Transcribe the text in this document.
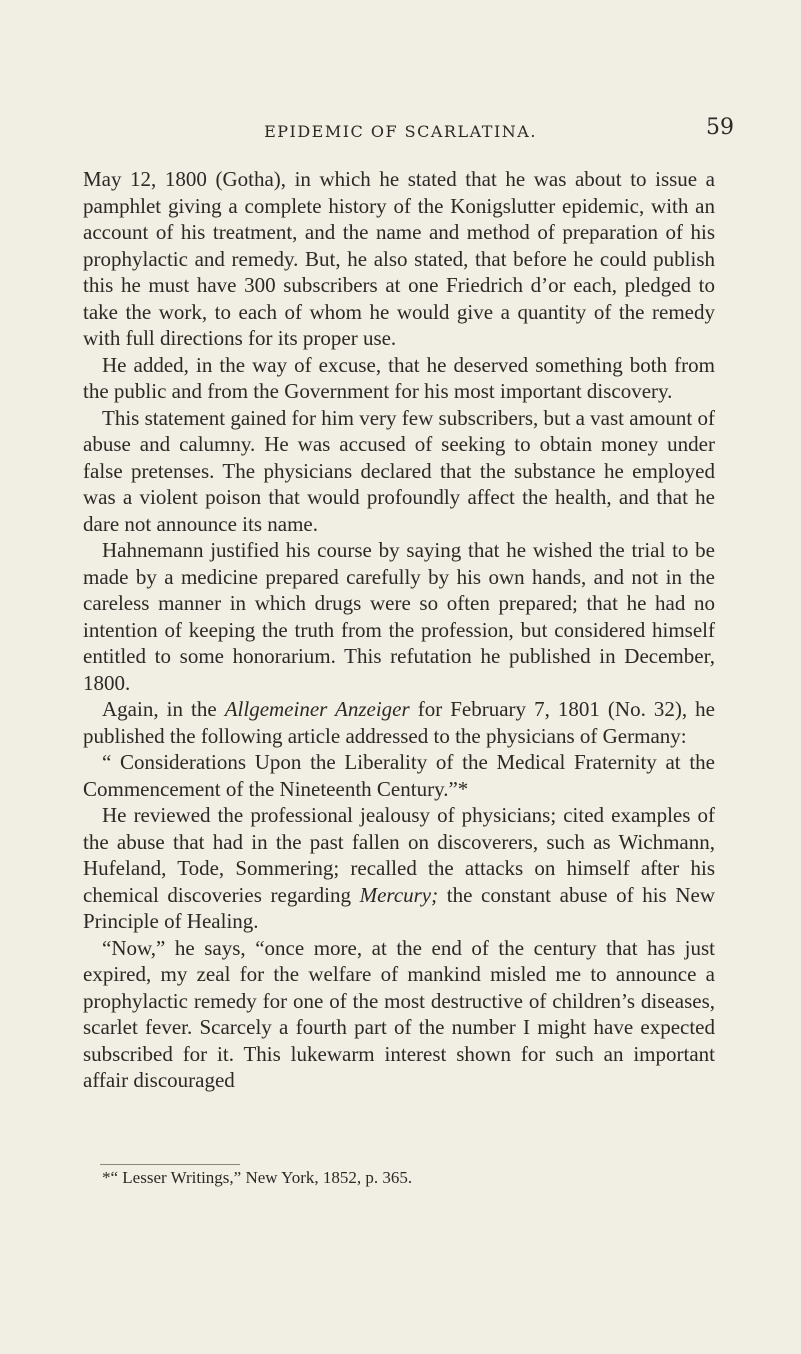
EPIDEMIC OF SCARLATINA.	59

May 12, 1800 (Gotha), in which he stated that he was about to issue a pamphlet giving a complete history of the Konigslutter epidemic, with an account of his treatment, and the name and method of preparation of his prophylactic and remedy. But, he also stated, that before he could publish this he must have 300 subscribers at one Friedrich d’or each, pledged to take the work, to each of whom he would give a quantity of the remedy with full directions for its proper use.

He added, in the way of excuse, that he deserved something both from the public and from the Government for his most important discovery.

This statement gained for him very few subscribers, but a vast amount of abuse and calumny. He was accused of seeking to obtain money under false pretenses. The physicians declared that the substance he employed was a violent poison that would profoundly affect the health, and that he dare not announce its name.

Hahnemann justified his course by saying that he wished the trial to be made by a medicine prepared carefully by his own hands, and not in the careless manner in which drugs were so often prepared; that he had no intention of keeping the truth from the profession, but considered himself entitled to some honorarium. This refutation he published in December, 1800.

Again, in the Allgemeiner Anzeiger for February 7, 1801 (No. 32), he published the following article addressed to the physicians of Germany:

“ Considerations Upon the Liberality of the Medical Fraternity at the Commencement of the Nineteenth Century.”*

He reviewed the professional jealousy of physicians; cited examples of the abuse that had in the past fallen on discoverers, such as Wichmann, Hufeland, Tode, Sommering; recalled the attacks on himself after his chemical discoveries regarding Mercury; the constant abuse of his New Principle of Healing.

“Now,” he says, “once more, at the end of the century that has just expired, my zeal for the welfare of mankind misled me to announce a prophylactic remedy for one of the most destructive of children’s diseases, scarlet fever. Scarcely a fourth part of the number I might have expected subscribed for it. This lukewarm interest shown for such an important affair discouraged

*“ Lesser Writings,” New York, 1852, p. 365.
